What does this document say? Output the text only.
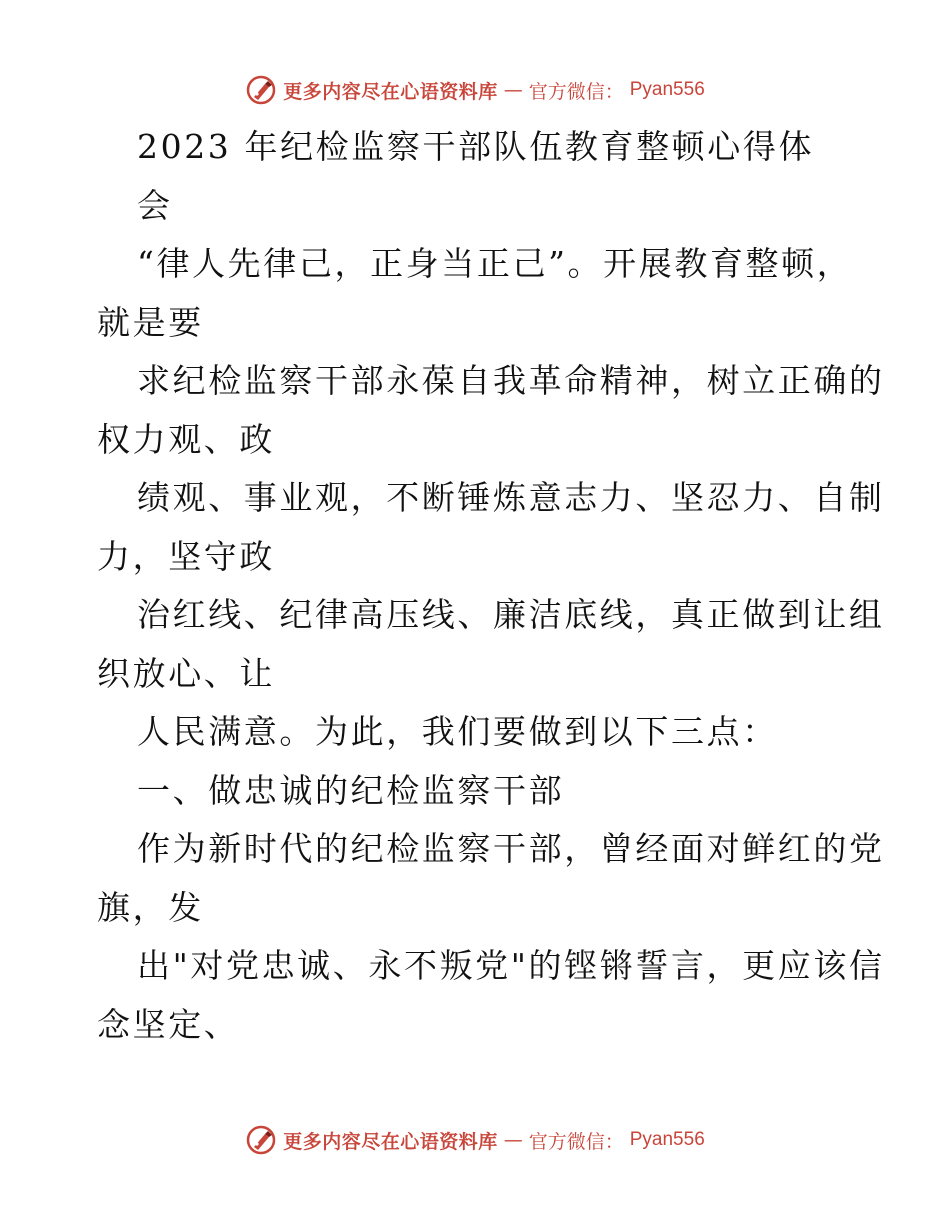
更多内容尽在心语资料库 — 官方微信： Pyan556
2023 年纪检监察干部队伍教育整顿心得体
会
“律人先律己，正身当正己”。开展教育整顿，
就是要
求纪检监察干部永葆自我革命精神，树立正确的
权力观、政
绩观、事业观，不断锤炼意志力、坚忍力、自制
力，坚守政
治红线、纪律高压线、廉洁底线，真正做到让组
织放心、让
人民满意。为此，我们要做到以下三点：
一、做忠诚的纪检监察干部
作为新时代的纪检监察干部，曾经面对鲜红的党
旗，发
出"对党忠诚、永不叛党"的铿锵誓言，更应该信
念坚定、
更多内容尽在心语资料库 — 官方微信： Pyan556
